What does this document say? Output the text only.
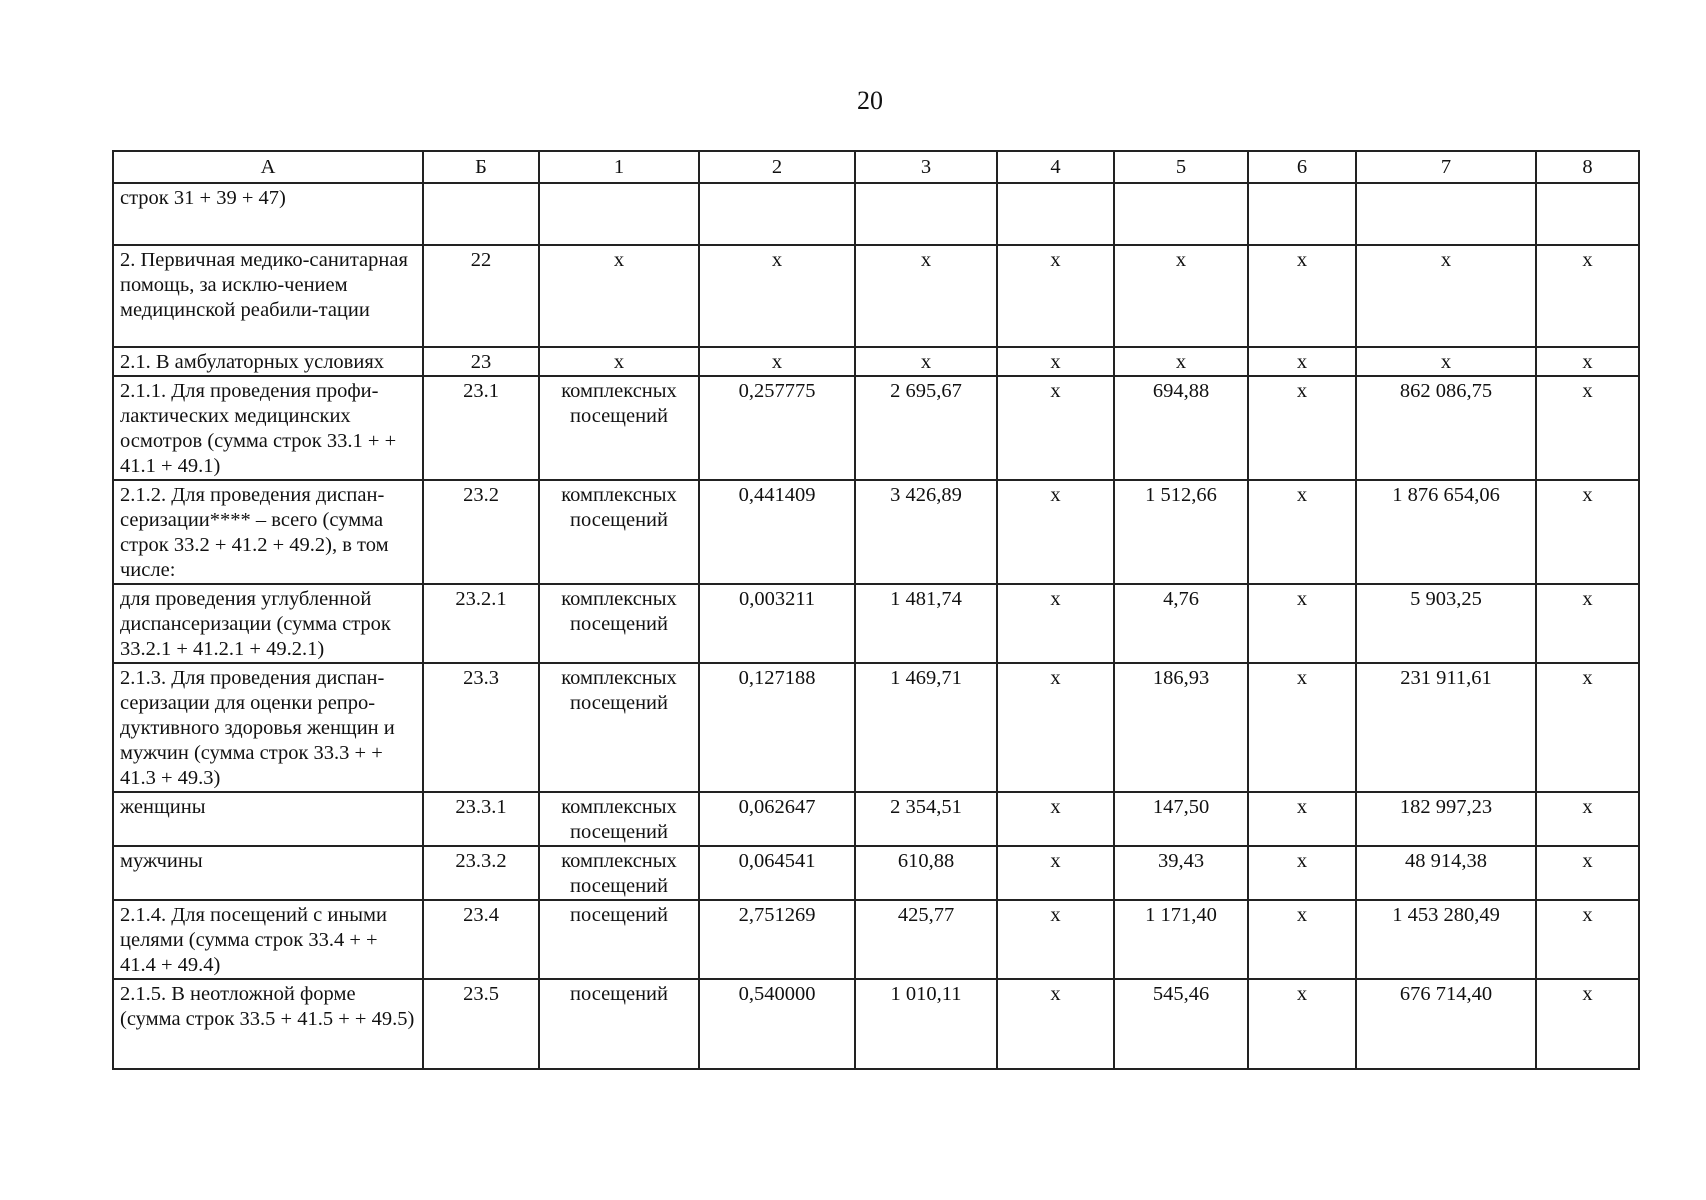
20
А	Б	1	2	3	4	5	6	7	8
строк 31 + 39 + 47)									
2. Первичная медико-санитарная помощь, за исклю-чением медицинской реабили-тации	22	х	х	х	х	х	х	х	х
2.1. В амбулаторных условиях	23	х	х	х	х	х	х	х	х
2.1.1. Для проведения профи-лактических медицинских осмотров (сумма строк 33.1 + + 41.1 + 49.1)	23.1	комплексных посещений	0,257775	2 695,67	х	694,88	х	862 086,75	х
2.1.2. Для проведения диспан-серизации**** – всего (сумма строк 33.2 + 41.2 + 49.2), в том числе:	23.2	комплексных посещений	0,441409	3 426,89	х	1 512,66	х	1 876 654,06	х
для проведения углубленной диспансеризации (сумма строк 33.2.1 + 41.2.1 + 49.2.1)	23.2.1	комплексных посещений	0,003211	1 481,74	х	4,76	х	5 903,25	х
2.1.3. Для проведения диспан-серизации для оценки репро-дуктивного здоровья женщин и мужчин (сумма строк 33.3 + + 41.3 + 49.3)	23.3	комплексных посещений	0,127188	1 469,71	х	186,93	х	231 911,61	х
женщины	23.3.1	комплексных посещений	0,062647	2 354,51	х	147,50	х	182 997,23	х
мужчины	23.3.2	комплексных посещений	0,064541	610,88	х	39,43	х	48 914,38	х
2.1.4. Для посещений с иными целями (сумма строк 33.4 + + 41.4 + 49.4)	23.4	посещений	2,751269	425,77	х	1 171,40	х	1 453 280,49	х
2.1.5. В неотложной форме (сумма строк 33.5 + 41.5 + + 49.5)	23.5	посещений	0,540000	1 010,11	х	545,46	х	676 714,40	х
